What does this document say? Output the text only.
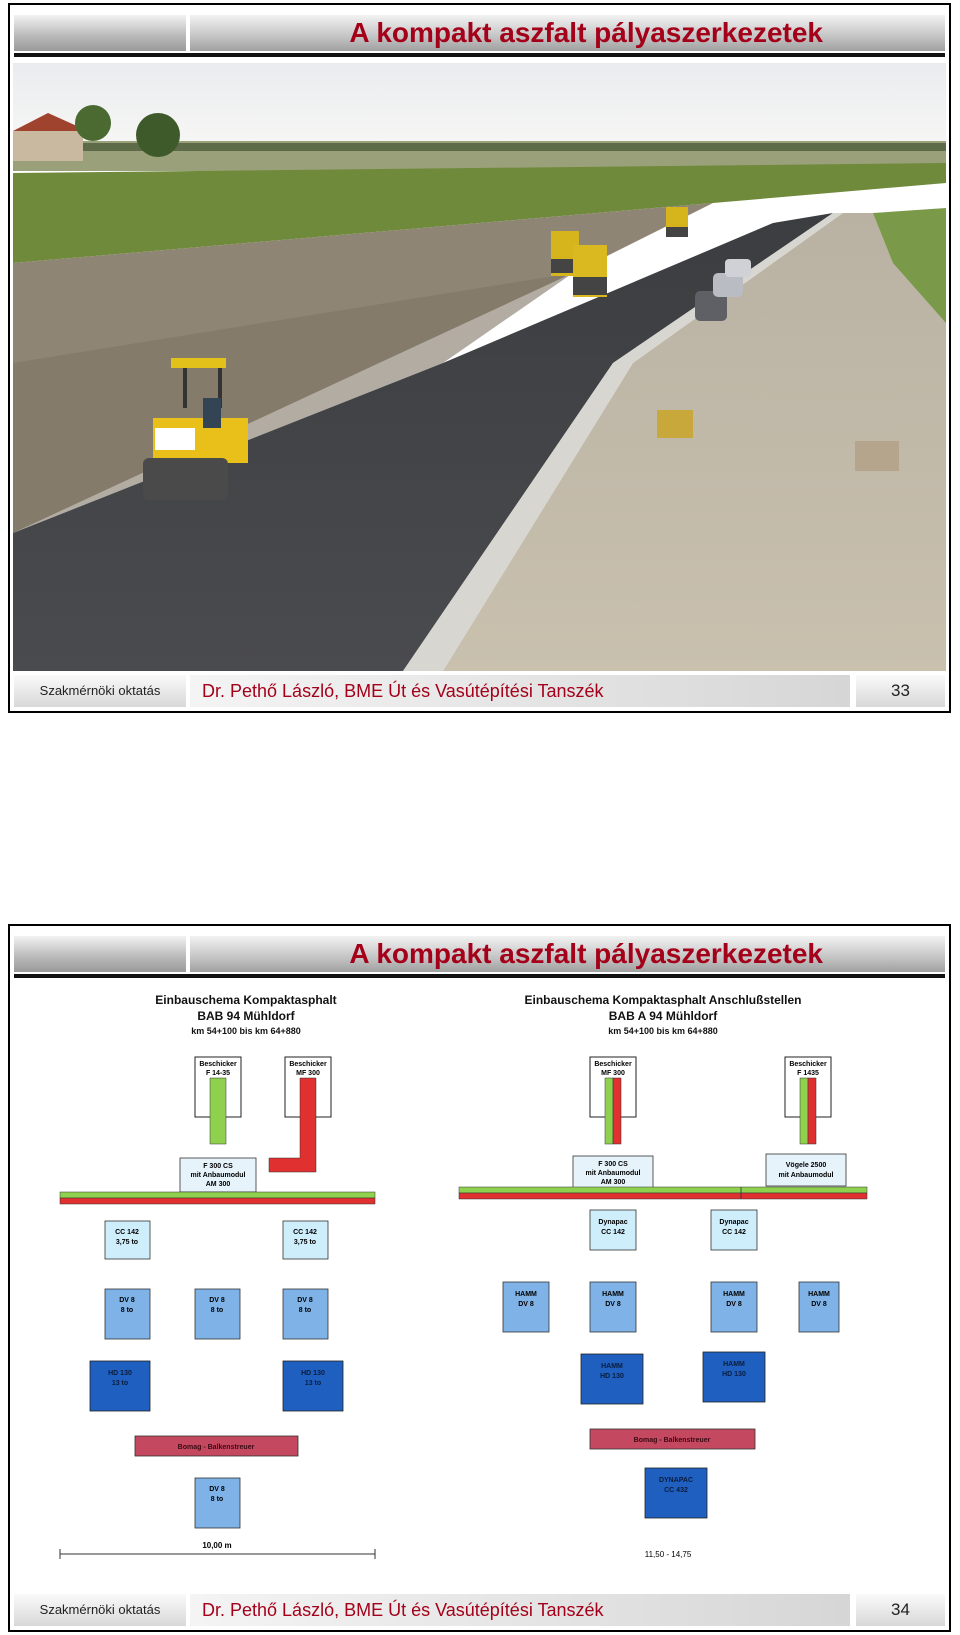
A kompakt aszfalt pályaszerkezetek
Szakmérnöki oktatás	Dr. Pethő László, BME Út és Vasútépítési Tanszék	33
A kompakt aszfalt pályaszerkezetek
Einbauschema Kompaktasphalt
BAB 94 Mühldorf
km 54+100 bis km 64+880
Beschicker
F 14-35
Beschicker
MF 300
F 300 CS
mit Anbaumodul
AM 300
CC 142
3,75 to
CC 142
3,75 to
DV 8
8 to
DV 8
8 to
DV 8
8 to
HD 130
13 to
HD 130
13 to
Bomag - Balkenstreuer
DV 8
8 to
10,00 m
Einbauschema Kompaktasphalt Anschlußstellen
BAB A 94 Mühldorf
km 54+100 bis km 64+880
Beschicker
MF 300
Beschicker
F 1435
F 300 CS
mit Anbaumodul
AM 300
Vögele 2500
mit Anbaumodul
Dynapac
CC 142
Dynapac
CC 142
HAMM
DV 8
HAMM
DV 8
HAMM
DV 8
HAMM
DV 8
HAMM
HD 130
HAMM
HD 130
Bomag - Balkenstreuer
DYNAPAC
CC 432
11,50 - 14,75
Szakmérnöki oktatás	Dr. Pethő László, BME Út és Vasútépítési Tanszék	34
